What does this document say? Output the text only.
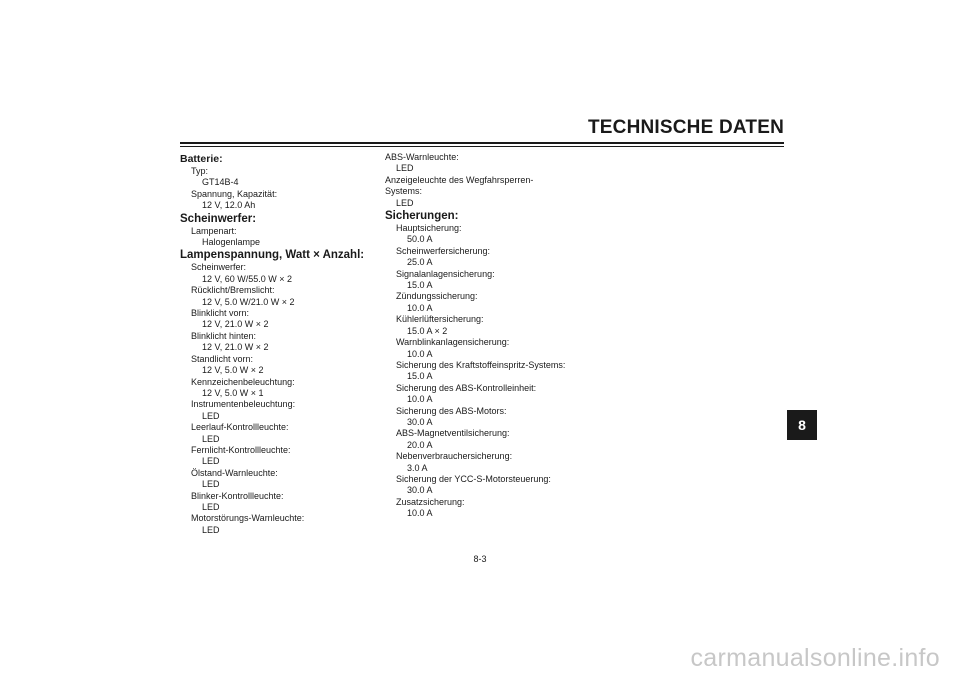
TECHNISCHE DATEN
Batterie:
Typ:
GT14B-4
Spannung, Kapazität:
12 V, 12.0 Ah
Scheinwerfer:
Lampenart:
Halogenlampe
Lampenspannung, Watt × Anzahl:
Scheinwerfer:
12 V, 60 W/55.0 W × 2
Rücklicht/Bremslicht:
12 V, 5.0 W/21.0 W × 2
Blinklicht vorn:
12 V, 21.0 W × 2
Blinklicht hinten:
12 V, 21.0 W × 2
Standlicht vorn:
12 V, 5.0 W × 2
Kennzeichenbeleuchtung:
12 V, 5.0 W × 1
Instrumentenbeleuchtung:
LED
Leerlauf-Kontrollleuchte:
LED
Fernlicht-Kontrollleuchte:
LED
Ölstand-Warnleuchte:
LED
Blinker-Kontrollleuchte:
LED
Motorstörungs-Warnleuchte:
LED
ABS-Warnleuchte:
LED
Anzeigeleuchte des Wegfahrsperren-
Systems:
LED
Sicherungen:
Hauptsicherung:
50.0 A
Scheinwerfersicherung:
25.0 A
Signalanlagensicherung:
15.0 A
Zündungssicherung:
10.0 A
Kühlerlüftersicherung:
15.0 A × 2
Warnblinkanlagensicherung:
10.0 A
Sicherung des Kraftstoffeinspritz-Systems:
15.0 A
Sicherung des ABS-Kontrolleinheit:
10.0 A
Sicherung des ABS-Motors:
30.0 A
ABS-Magnetventilsicherung:
20.0 A
Nebenverbrauchersicherung:
3.0 A
Sicherung der YCC-S-Motorsteuerung:
30.0 A
Zusatzsicherung:
10.0 A
8
8-3
carmanualsonline.info
